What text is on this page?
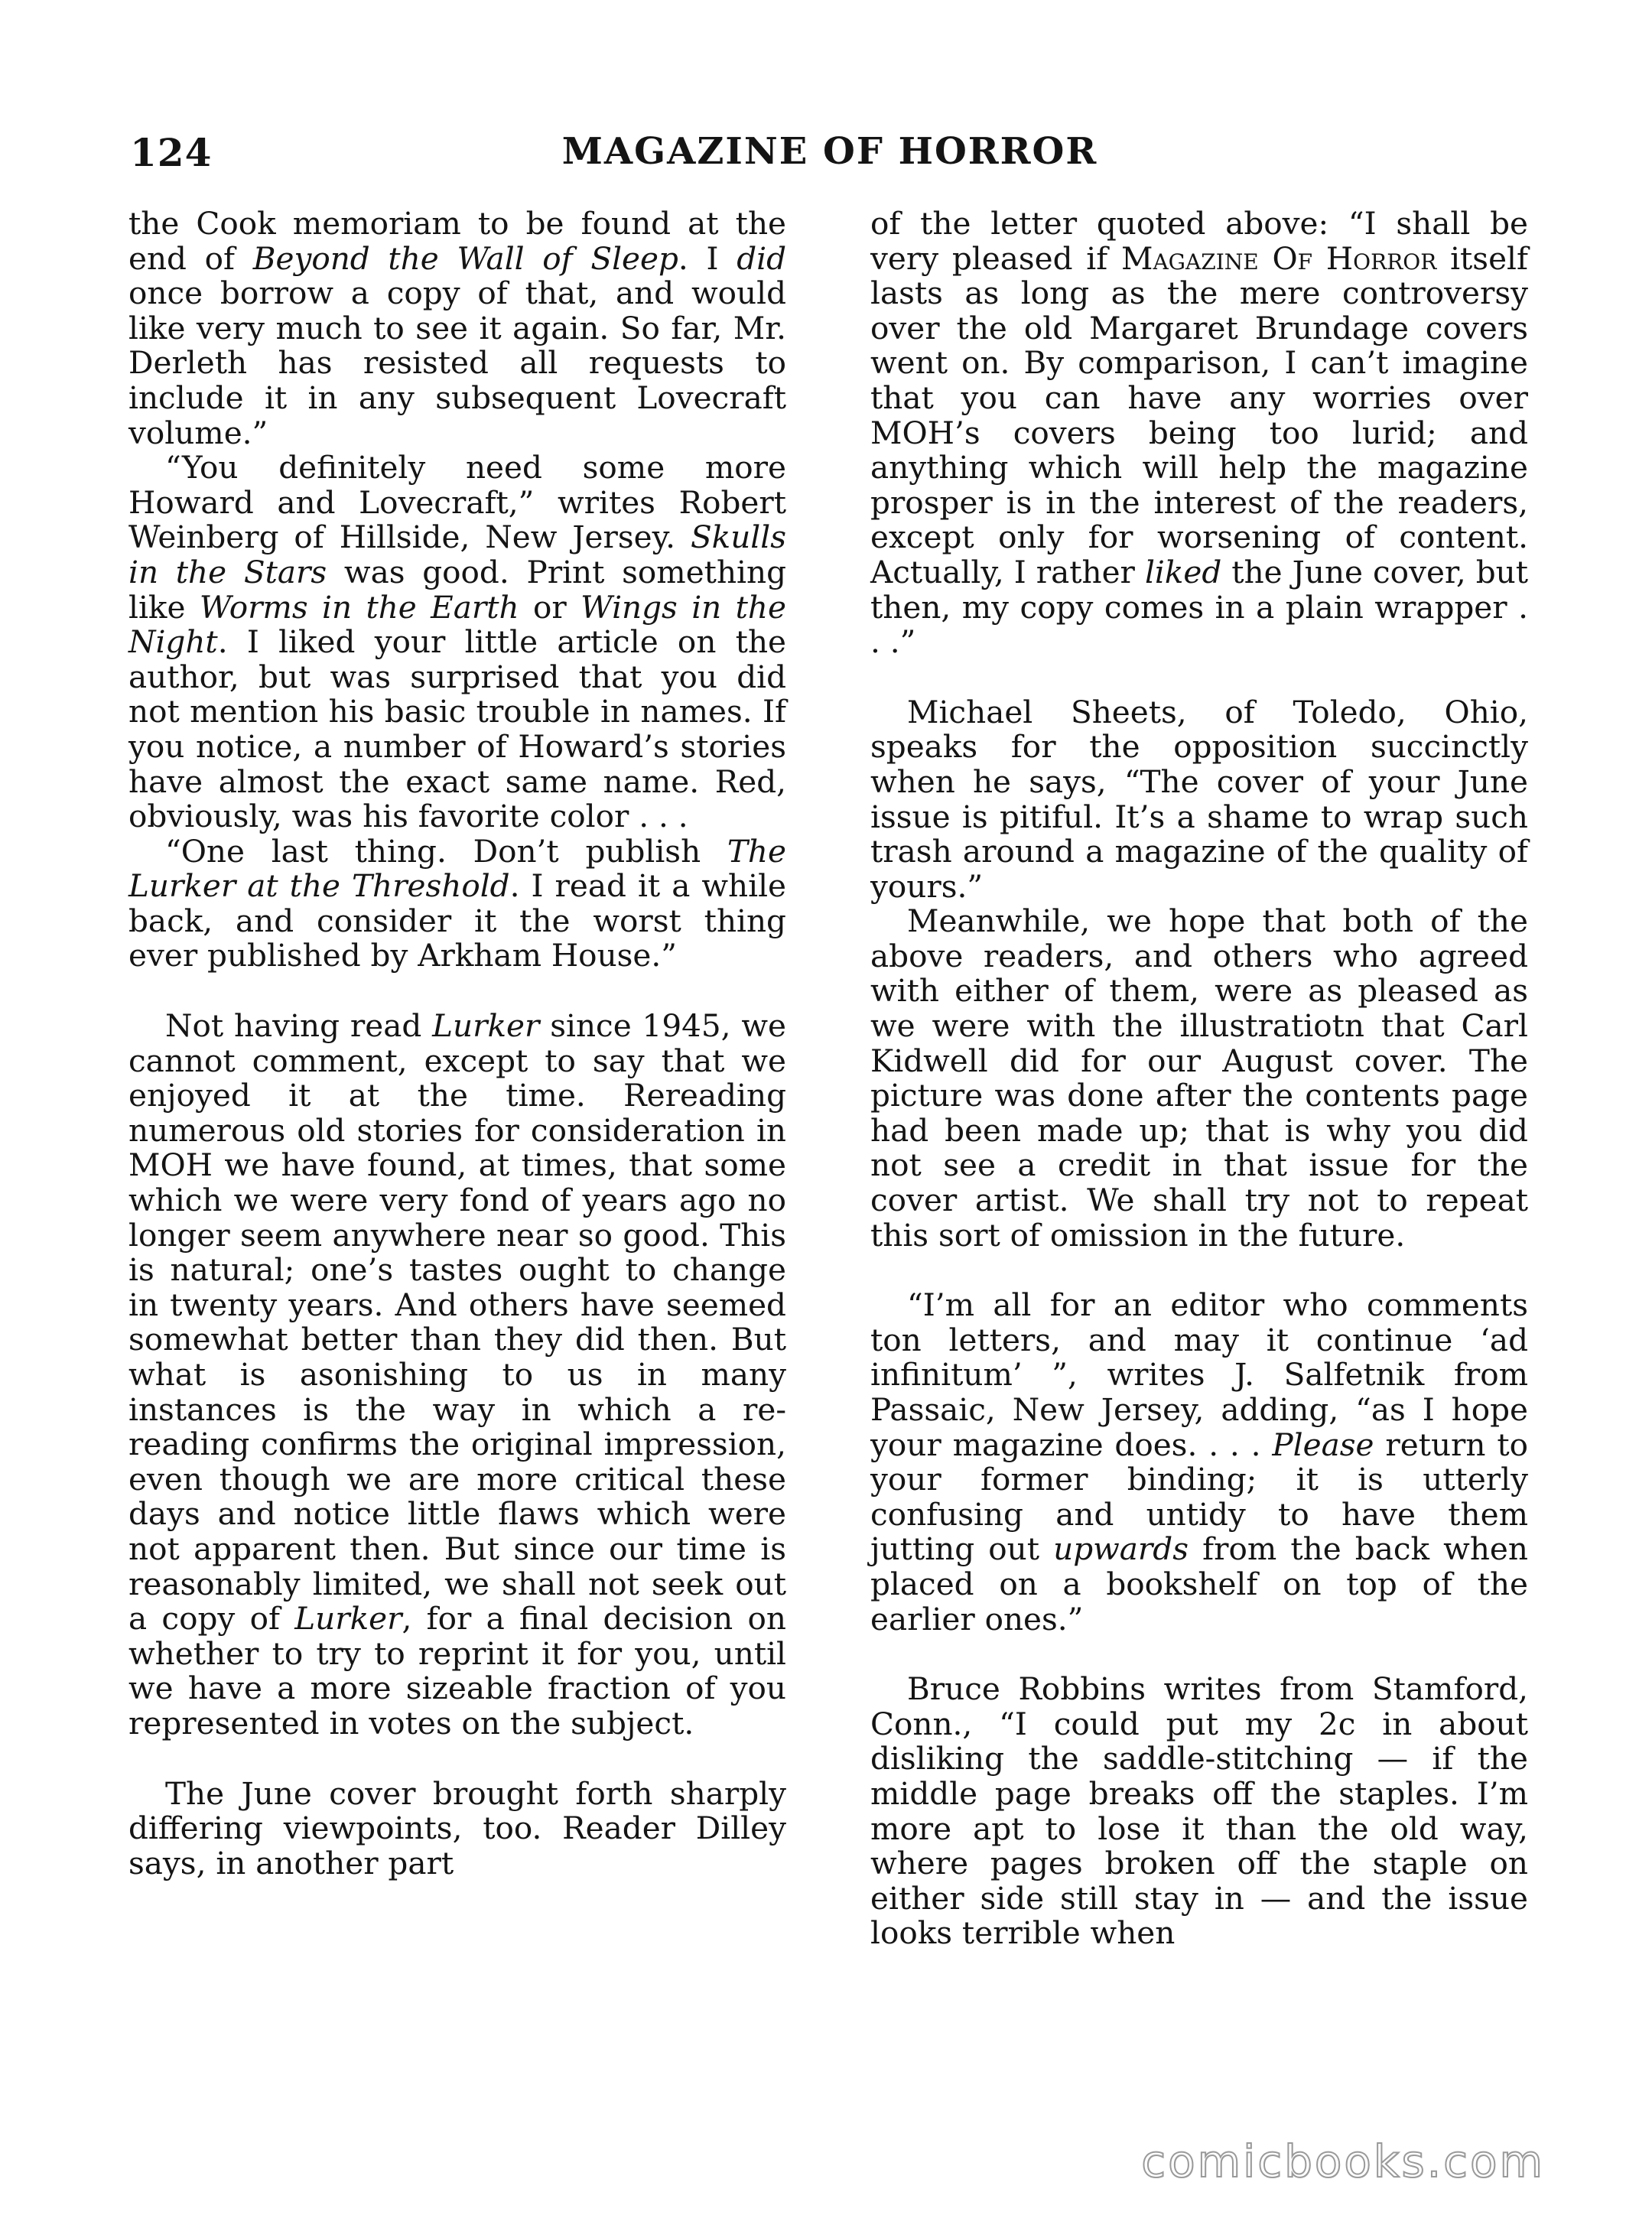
124	MAGAZINE OF HORROR

the Cook memoriam to be found at the end of Beyond the Wall of Sleep. I did once borrow a copy of that, and would like very much to see it again. So far, Mr. Derleth has resisted all requests to include it in any subsequent Lovecraft volume.”

“You definitely need some more Howard and Lovecraft,” writes Robert Weinberg of Hillside, New Jersey. Skulls in the Stars was good. Print something like Worms in the Earth or Wings in the Night. I liked your little article on the author, but was surprised that you did not mention his basic trouble in names. If you notice, a number of Howard’s stories have almost the exact same name. Red, obviously, was his favorite color . . .

“One last thing. Don’t publish The Lurker at the Threshold. I read it a while back, and consider it the worst thing ever published by Arkham House.”

Not having read Lurker since 1945, we cannot comment, except to say that we enjoyed it at the time. Rereading numerous old stories for consideration in MOH we have found, at times, that some which we were very fond of years ago no longer seem anywhere near so good. This is natural; one’s tastes ought to change in twenty years. And others have seemed somewhat better than they did then. But what is asonishing to us in many instances is the way in which a re-reading confirms the original impression, even though we are more critical these days and notice little flaws which were not apparent then. But since our time is reasonably limited, we shall not seek out a copy of Lurker, for a final decision on whether to try to reprint it for you, until we have a more sizeable fraction of you represented in votes on the subject.

The June cover brought forth sharply differing viewpoints, too. Reader Dilley says, in another part

of the letter quoted above: “I shall be very pleased if Magazine Of Horror itself lasts as long as the mere controversy over the old Margaret Brundage covers went on. By comparison, I can’t imagine that you can have any worries over MOH’s covers being too lurid; and anything which will help the magazine prosper is in the interest of the readers, except only for worsening of content. Actually, I rather liked the June cover, but then, my copy comes in a plain wrapper . . .”

Michael Sheets, of Toledo, Ohio, speaks for the opposition succinctly when he says, “The cover of your June issue is pitiful. It’s a shame to wrap such trash around a magazine of the quality of yours.”

Meanwhile, we hope that both of the above readers, and others who agreed with either of them, were as pleased as we were with the illustratiotn that Carl Kidwell did for our August cover. The picture was done after the contents page had been made up; that is why you did not see a credit in that issue for the cover artist. We shall try not to repeat this sort of omission in the future.

“I’m all for an editor who comments ton letters, and may it continue ‘ad infinitum’ ”, writes J. Salfetnik from Passaic, New Jersey, adding, “as I hope your magazine does. . . . Please return to your former binding; it is utterly confusing and untidy to have them jutting out upwards from the back when placed on a bookshelf on top of the earlier ones.”

Bruce Robbins writes from Stamford, Conn., “I could put my 2c in about disliking the saddle-stitching — if the middle page breaks off the staples. I’m more apt to lose it than the old way, where pages broken off the staple on either side still stay in — and the issue looks terrible when

comicbooks.com
